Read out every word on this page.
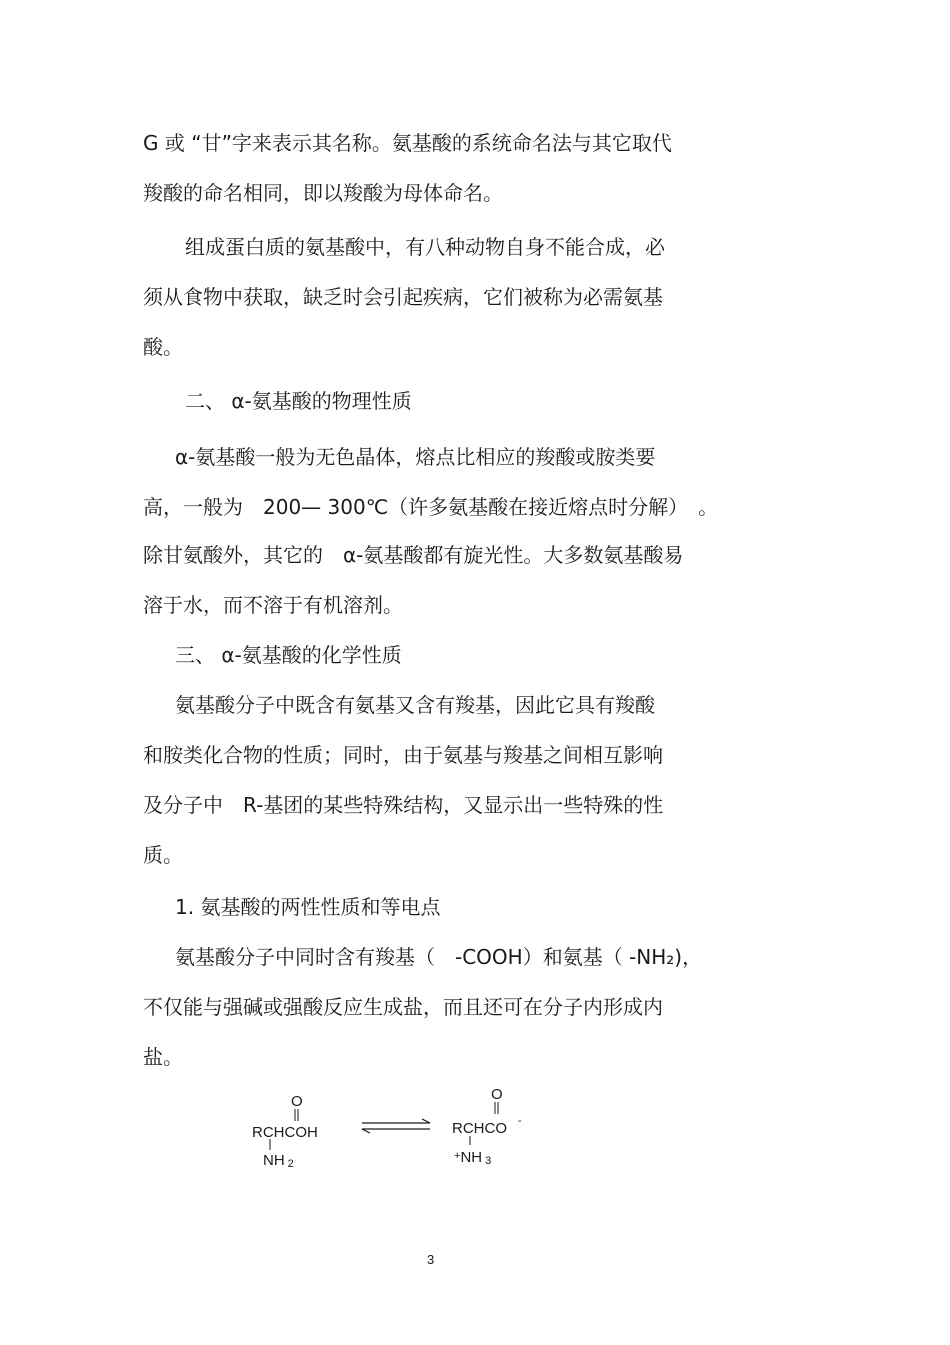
G 或 “甘”字来表示其名称。氨基酸的系统命名法与其它取代
羧酸的命名相同，即以羧酸为母体命名。
组成蛋白质的氨基酸中，有八种动物自身不能合成，必
须从食物中获取，缺乏时会引起疾病，它们被称为必需氨基
酸。
二、 α-氨基酸的物理性质
α-氨基酸一般为无色晶体，熔点比相应的羧酸或胺类要
高，一般为　200— 300℃（许多氨基酸在接近熔点时分解）　。
除甘氨酸外，其它的　α-氨基酸都有旋光性。大多数氨基酸易
溶于水，而不溶于有机溶剂。
三、 α-氨基酸的化学性质
氨基酸分子中既含有氨基又含有羧基，因此它具有羧酸
和胺类化合物的性质；同时，由于氨基与羧基之间相互影响
及分子中　R-基团的某些特殊结构，又显示出一些特殊的性
质。
1. 氨基酸的两性性质和等电点
氨基酸分子中同时含有羧基（　-COOH）和氨基（ -NH₂)，
不仅能与强碱或强酸反应生成盐，而且还可在分子内形成内
盐。
O
RCHCOH
NH 2
O
RCHCO -
+NH 3
3
